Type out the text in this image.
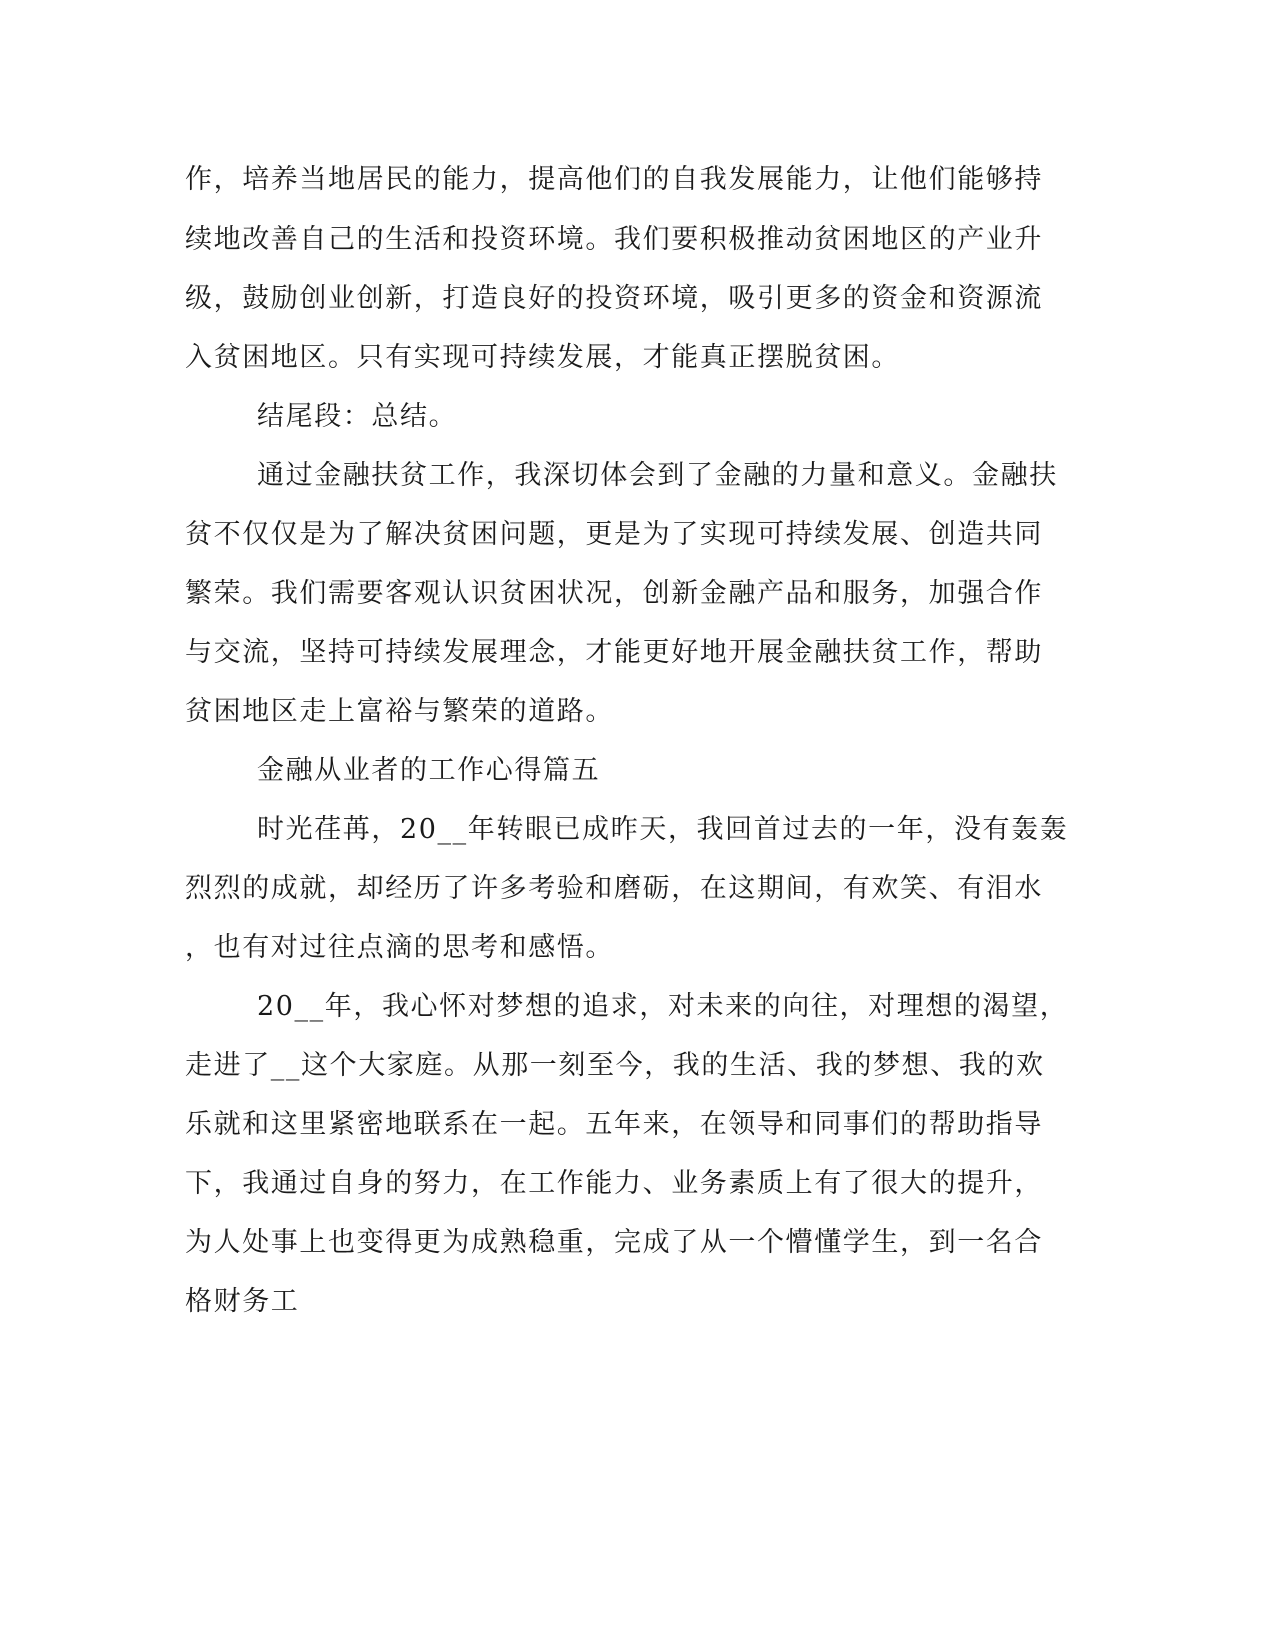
作，培养当地居民的能力，提高他们的自我发展能力，让他们能够持
续地改善自己的生活和投资环境。我们要积极推动贫困地区的产业升
级，鼓励创业创新，打造良好的投资环境，吸引更多的资金和资源流
入贫困地区。只有实现可持续发展，才能真正摆脱贫困。
结尾段：总结。
通过金融扶贫工作，我深切体会到了金融的力量和意义。金融扶
贫不仅仅是为了解决贫困问题，更是为了实现可持续发展、创造共同
繁荣。我们需要客观认识贫困状况，创新金融产品和服务，加强合作
与交流，坚持可持续发展理念，才能更好地开展金融扶贫工作，帮助
贫困地区走上富裕与繁荣的道路。
金融从业者的工作心得篇五
时光荏苒，20__年转眼已成昨天，我回首过去的一年，没有轰轰
烈烈的成就，却经历了许多考验和磨砺，在这期间，有欢笑、有泪水
，也有对过往点滴的思考和感悟。
20__年，我心怀对梦想的追求，对未来的向往，对理想的渴望，
走进了__这个大家庭。从那一刻至今，我的生活、我的梦想、我的欢
乐就和这里紧密地联系在一起。五年来，在领导和同事们的帮助指导
下，我通过自身的努力，在工作能力、业务素质上有了很大的提升，
为人处事上也变得更为成熟稳重，完成了从一个懵懂学生，到一名合
格财务工
